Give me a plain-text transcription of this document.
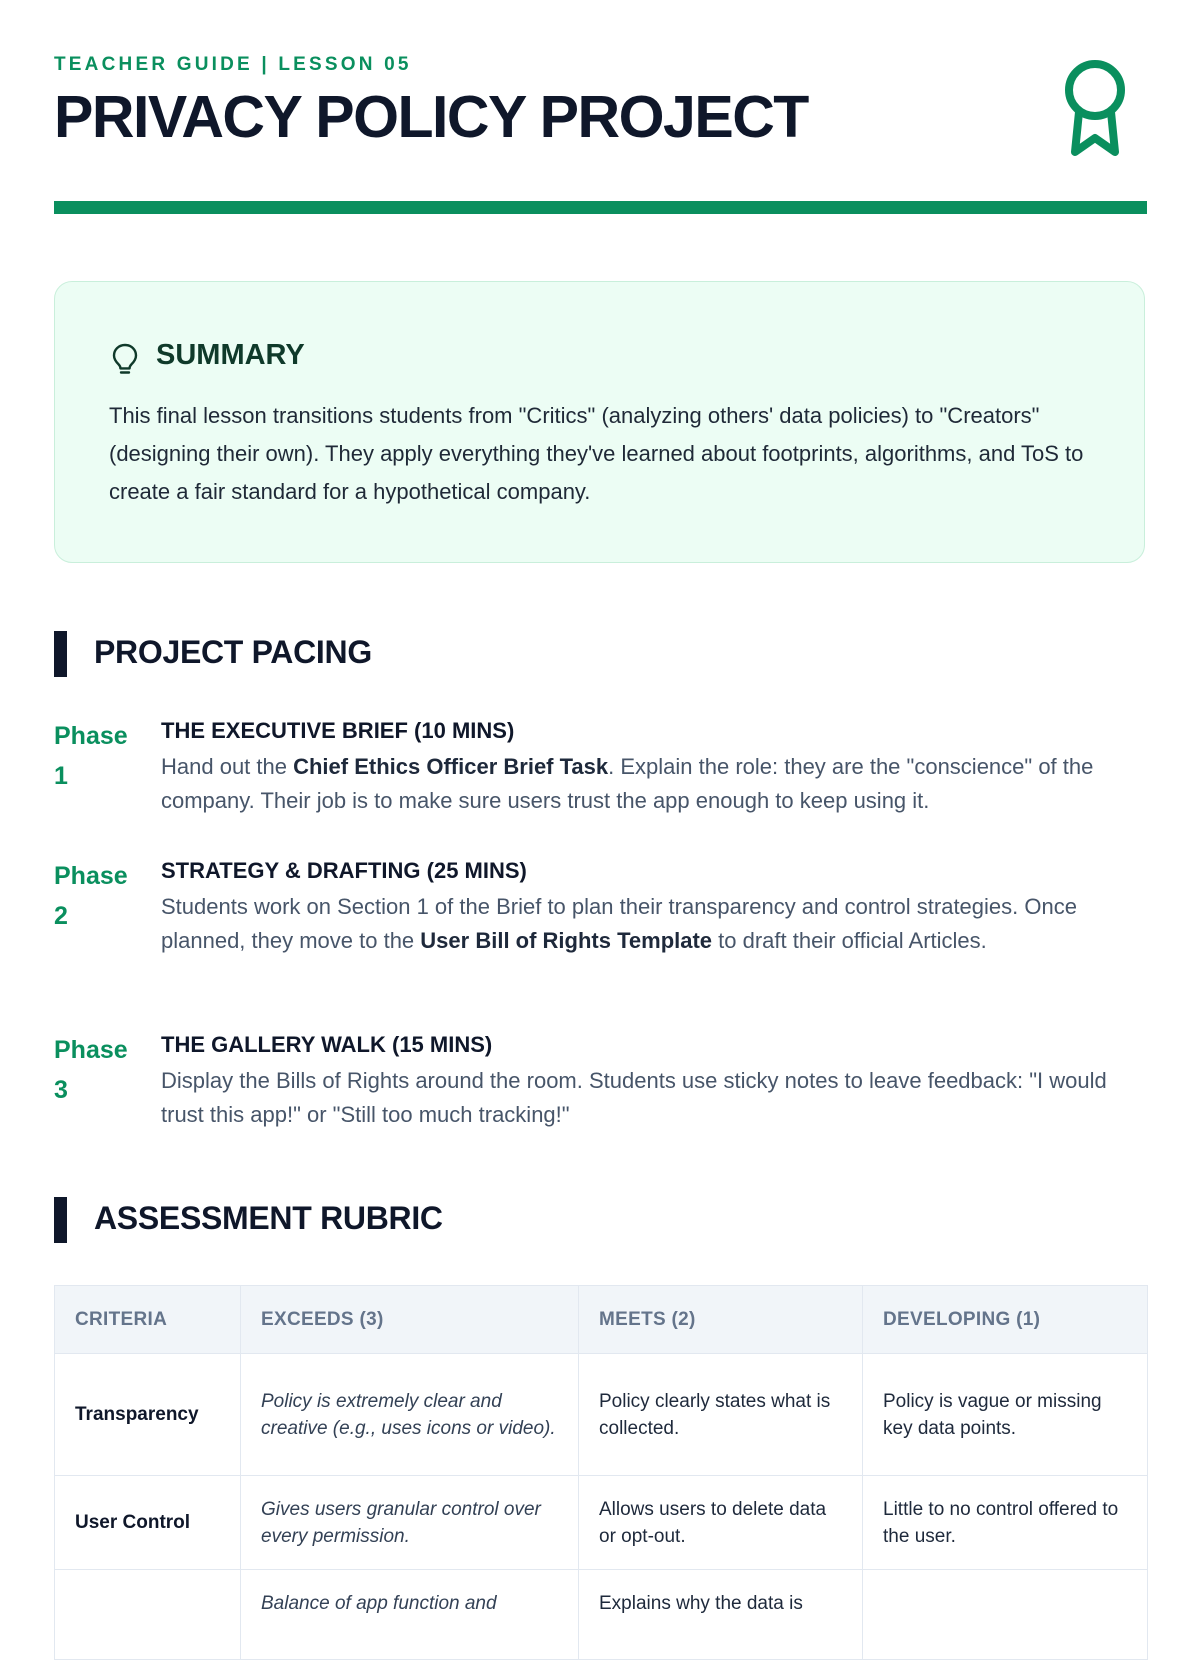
TEACHER GUIDE | LESSON 05
PRIVACY POLICY PROJECT
SUMMARY
This final lesson transitions students from "Critics" (analyzing others' data policies) to "Creators" (designing their own). They apply everything they've learned about footprints, algorithms, and ToS to create a fair standard for a hypothetical company.
PROJECT PACING
Phase 1
THE EXECUTIVE BRIEF (10 MINS)
Hand out the Chief Ethics Officer Brief Task. Explain the role: they are the "conscience" of the company. Their job is to make sure users trust the app enough to keep using it.
Phase 2
STRATEGY & DRAFTING (25 MINS)
Students work on Section 1 of the Brief to plan their transparency and control strategies. Once planned, they move to the User Bill of Rights Template to draft their official Articles.
Phase 3
THE GALLERY WALK (15 MINS)
Display the Bills of Rights around the room. Students use sticky notes to leave feedback: "I would trust this app!" or "Still too much tracking!"
ASSESSMENT RUBRIC
CRITERIA	EXCEEDS (3)	MEETS (2)	DEVELOPING (1)
Transparency	Policy is extremely clear and creative (e.g., uses icons or video).	Policy clearly states what is collected.	Policy is vague or missing key data points.
User Control	Gives users granular control over every permission.	Allows users to delete data or opt-out.	Little to no control offered to the user.
	Balance of app function and	Explains why the data is	
